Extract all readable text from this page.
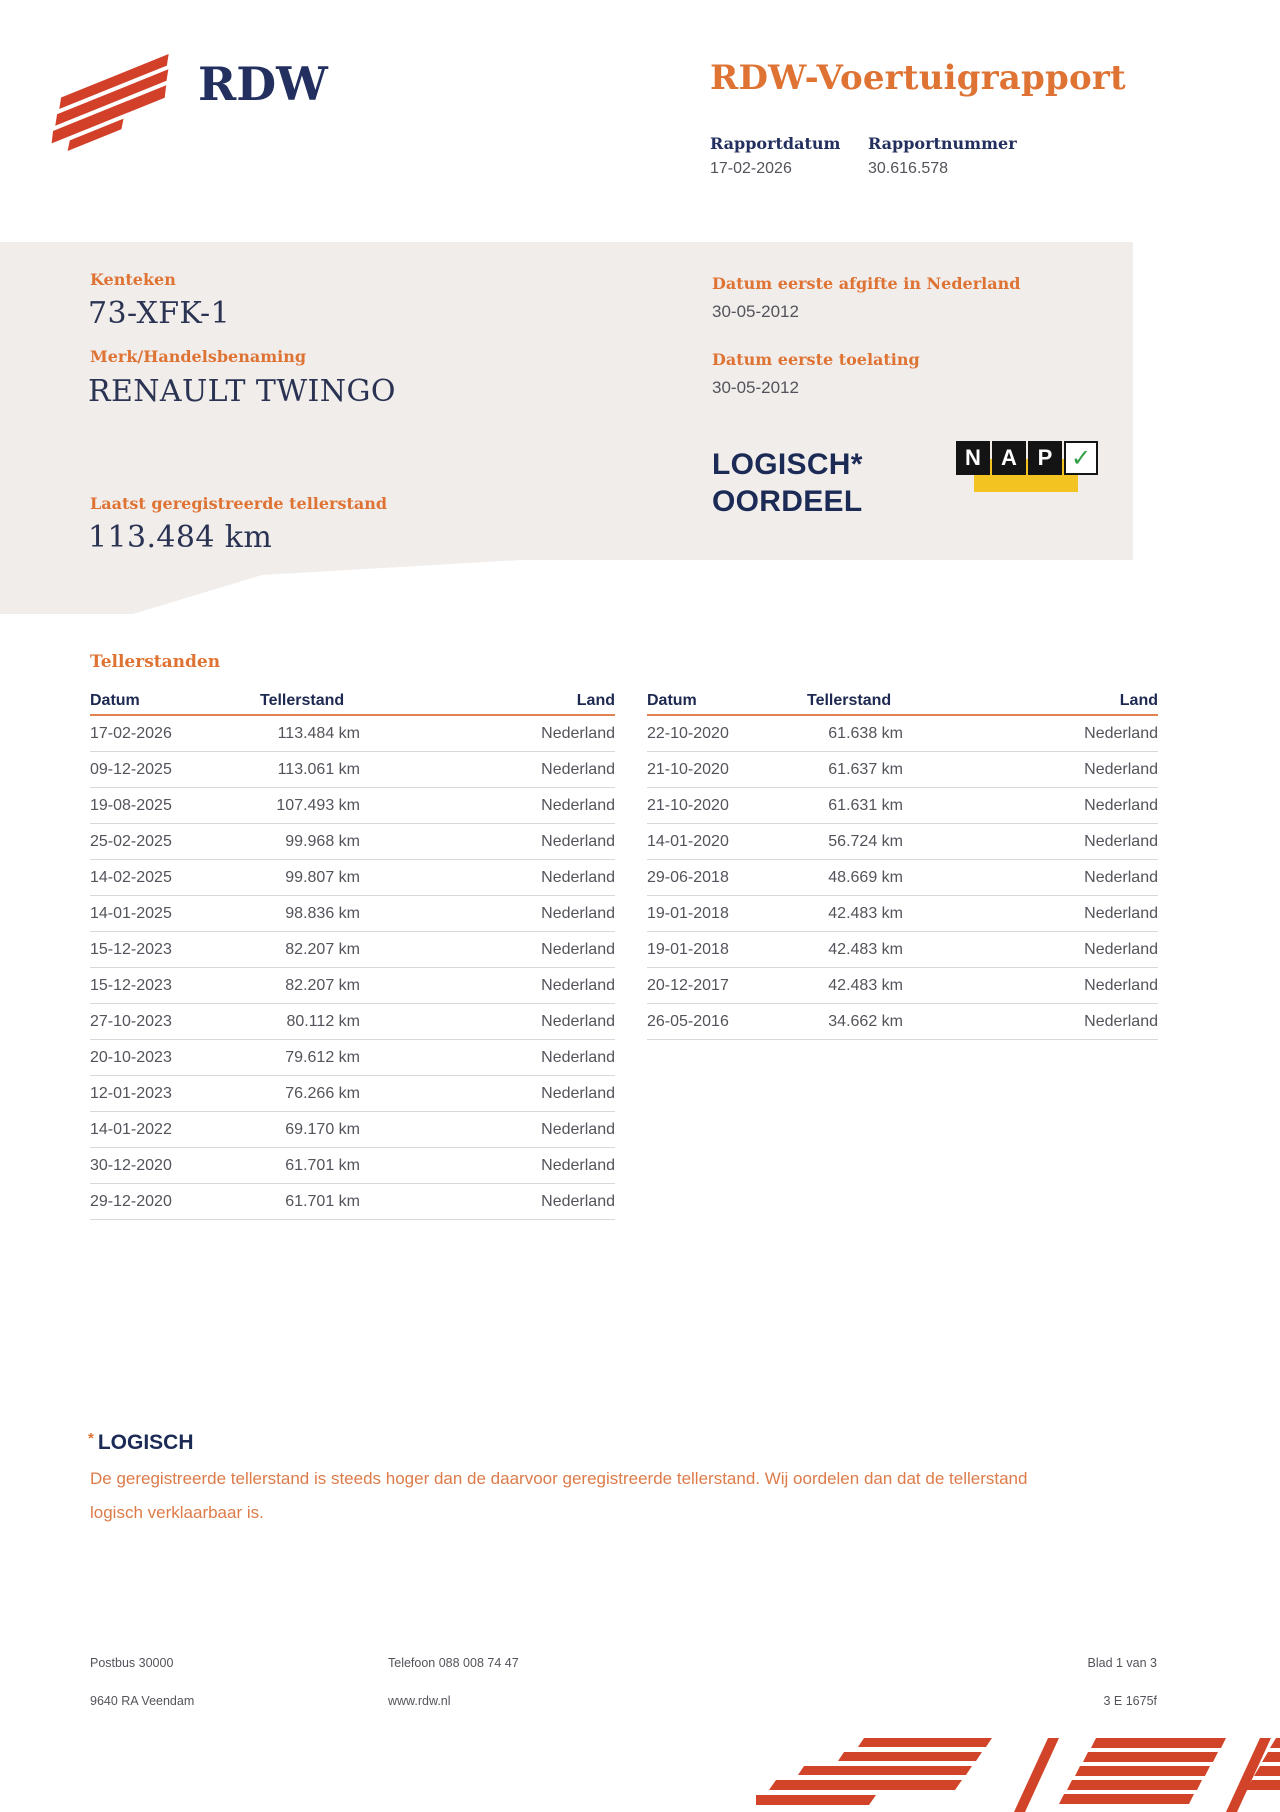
RDW	RDW-Voertuigrapport
Rapportdatum
17-02-2026
Rapportnummer
30.616.578
Kenteken
73-XFK-1
Merk/Handelsbenaming
RENAULT TWINGO
Laatst geregistreerde tellerstand
113.484 km
Datum eerste afgifte in Nederland
30-05-2012
Datum eerste toelating
30-05-2012
LOGISCH*
OORDEEL
N A P ✓
Tellerstanden
Datum	Tellerstand	Land
17-02-2026	113.484 km	Nederland
09-12-2025	113.061 km	Nederland
19-08-2025	107.493 km	Nederland
25-02-2025	99.968 km	Nederland
14-02-2025	99.807 km	Nederland
14-01-2025	98.836 km	Nederland
15-12-2023	82.207 km	Nederland
15-12-2023	82.207 km	Nederland
27-10-2023	80.112 km	Nederland
20-10-2023	79.612 km	Nederland
12-01-2023	76.266 km	Nederland
14-01-2022	69.170 km	Nederland
30-12-2020	61.701 km	Nederland
29-12-2020	61.701 km	Nederland
Datum	Tellerstand	Land
22-10-2020	61.638 km	Nederland
21-10-2020	61.637 km	Nederland
21-10-2020	61.631 km	Nederland
14-01-2020	56.724 km	Nederland
29-06-2018	48.669 km	Nederland
19-01-2018	42.483 km	Nederland
19-01-2018	42.483 km	Nederland
20-12-2017	42.483 km	Nederland
26-05-2016	34.662 km	Nederland
* LOGISCH
De geregistreerde tellerstand is steeds hoger dan de daarvoor geregistreerde tellerstand. Wij oordelen dan dat de tellerstand logisch verklaarbaar is.
Postbus 30000
9640 RA Veendam
Telefoon 088 008 74 47
www.rdw.nl
Blad 1 van 3
3 E 1675f
